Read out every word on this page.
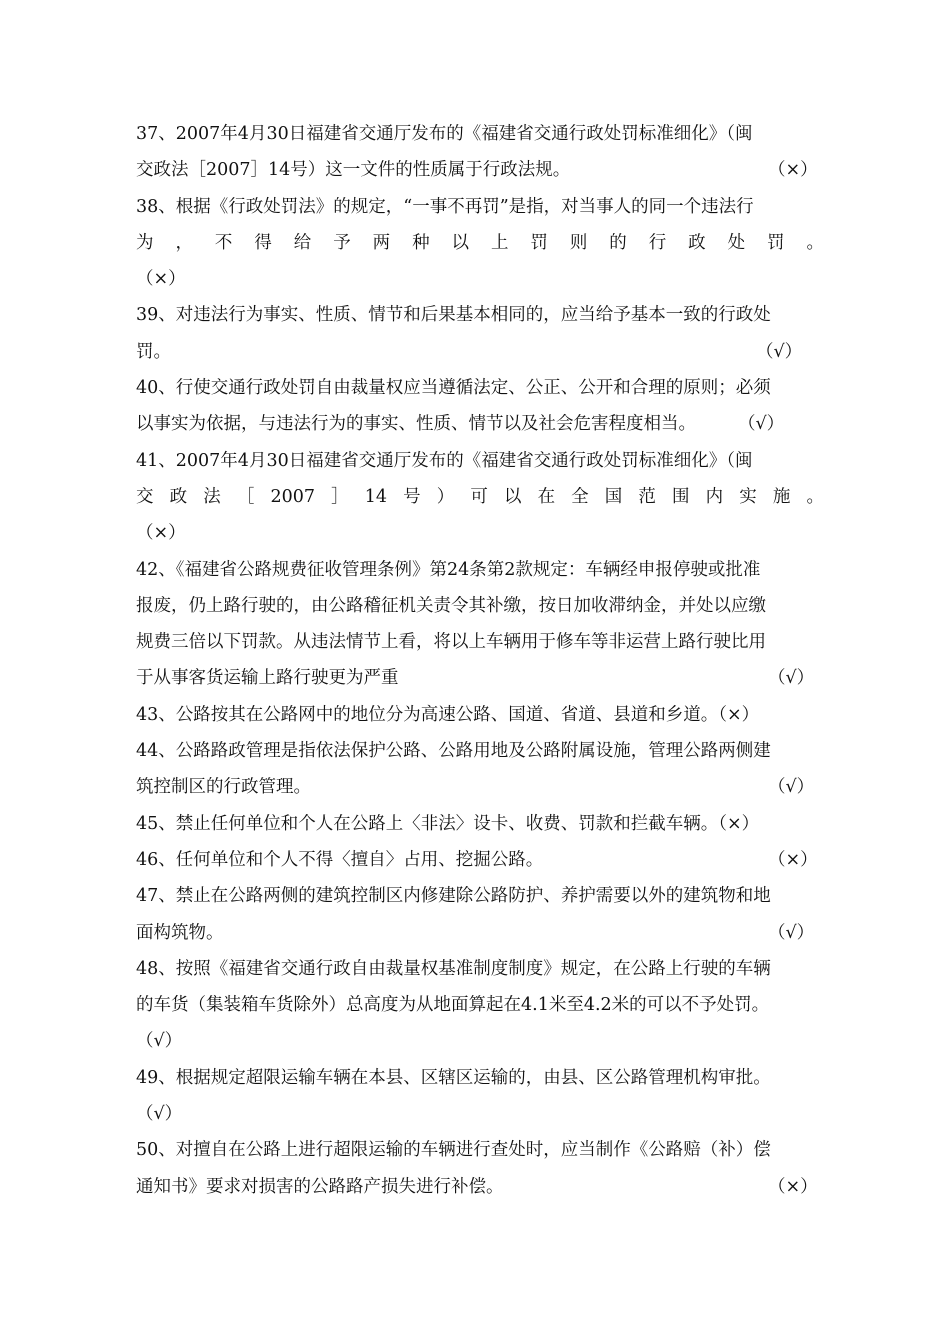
37、2007年4月30日福建省交通厅发布的《福建省交通行政处罚标准细化》（闽
交政法［2007］14号）这一文件的性质属于行政法规。	（×）
38、根据《行政处罚法》的规定，“一事不再罚”是指，对当事人的同一个违法行
为，不得给予两种以上罚则的行政处罚。
（×）
39、对违法行为事实、性质、情节和后果基本相同的，应当给予基本一致的行政处
罚。	（√）
40、行使交通行政处罚自由裁量权应当遵循法定、公正、公开和合理的原则；必须
以事实为依据，与违法行为的事实、性质、情节以及社会危害程度相当。 （√）
41、2007年4月30日福建省交通厅发布的《福建省交通行政处罚标准细化》（闽
交政法［2007］14号）可以在全国范围内实施。
（×）
42、《福建省公路规费征收管理条例》第24条第2款规定：车辆经申报停驶或批准
报废，仍上路行驶的，由公路稽征机关责令其补缴，按日加收滞纳金，并处以应缴
规费三倍以下罚款。从违法情节上看，将以上车辆用于修车等非运营上路行驶比用
于从事客货运输上路行驶更为严重	（√）
43、公路按其在公路网中的地位分为高速公路、国道、省道、县道和乡道。（×）
44、公路路政管理是指依法保护公路、公路用地及公路附属设施，管理公路两侧建
筑控制区的行政管理。	（√）
45、禁止任何单位和个人在公路上〈非法〉设卡、收费、罚款和拦截车辆。（×）
46、任何单位和个人不得〈擅自〉占用、挖掘公路。	（×）
47、禁止在公路两侧的建筑控制区内修建除公路防护、养护需要以外的建筑物和地
面构筑物。	（√）
48、按照《福建省交通行政自由裁量权基准制度制度》规定，在公路上行驶的车辆
的车货（集装箱车货除外）总高度为从地面算起在4.1米至4.2米的可以不予处罚。
（√）
49、根据规定超限运输车辆在本县、区辖区运输的，由县、区公路管理机构审批。
（√）
50、对擅自在公路上进行超限运输的车辆进行查处时，应当制作《公路赔（补）偿
通知书》要求对损害的公路路产损失进行补偿。	（×）
